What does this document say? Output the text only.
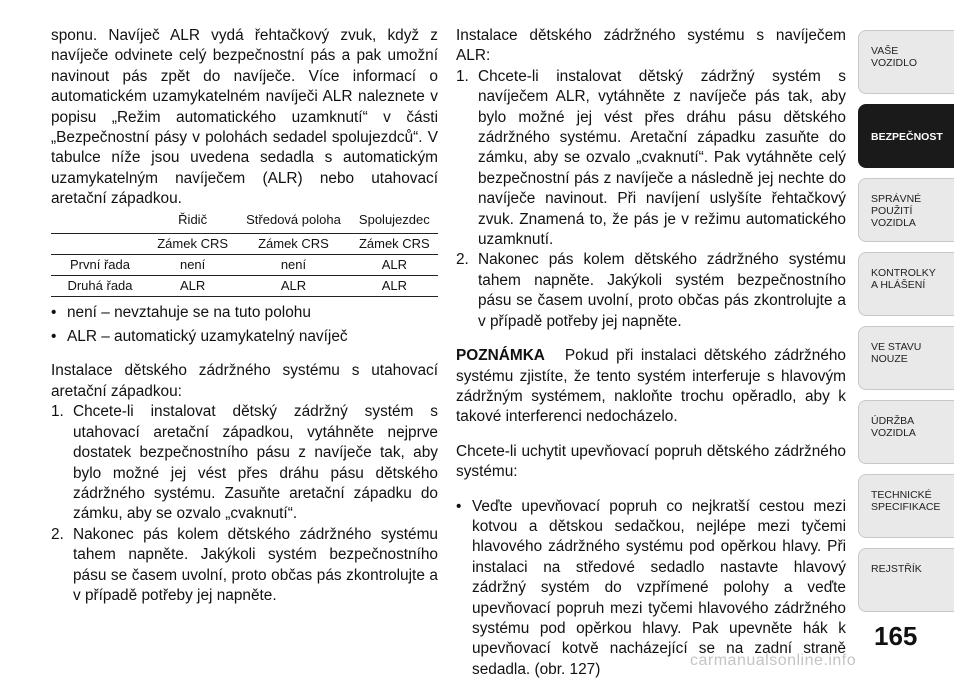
sponu. Navíječ ALR vydá řehtačkový zvuk, když z navíječe odvinete celý bezpečnostní pás a pak umožní navinout pás zpět do navíječe. Více informací o automatickém uzamykatelném navíječi ALR naleznete v popisu „Režim automatického uzamknutí“ v části „Bezpečnostní pásy v polohách sedadel spolujezdců“. V tabulce níže jsou uvedena sedadla s automatickým uzamykatelným navíječem (ALR) nebo utahovací aretační západkou.

	Řidič	Středová poloha	Spolujezdec
	Zámek CRS	Zámek CRS	Zámek CRS
První řada	není	není	ALR
Druhá řada	ALR	ALR	ALR
• není – nevztahuje se na tuto polohu
• ALR – automatický uzamykatelný navíječ

Instalace dětského zádržného systému s utahovací aretační západkou:

1. Chcete-li instalovat dětský zádržný systém s utahovací aretační západkou, vytáhněte nejprve dostatek bezpečnostního pásu z navíječe tak, aby bylo možné jej vést přes dráhu pásu dětského zádržného systému. Zasuňte aretační západku do zámku, aby se ozvalo „cvaknutí“.
2. Nakonec pás kolem dětského zádržného systému tahem napněte. Jakýkoli systém bezpečnostního pásu se časem uvolní, proto občas pás zkontrolujte a v případě potřeby jej napněte.

Instalace dětského zádržného systému s navíječem ALR:

1. Chcete-li instalovat dětský zádržný systém s navíječem ALR, vytáhněte z navíječe pás tak, aby bylo možné jej vést přes dráhu pásu dětského zádržného systému. Aretační západku zasuňte do zámku, aby se ozvalo „cvaknutí“. Pak vytáhněte celý bezpečnostní pás z navíječe a následně jej nechte do navíječe navinout. Při navíjení uslyšíte řehtačkový zvuk. Znamená to, že pás je v režimu automatického uzamknutí.
2. Nakonec pás kolem dětského zádržného systému tahem napněte. Jakýkoli systém bezpečnostního pásu se časem uvolní, proto občas pás zkontrolujte a v případě potřeby jej napněte.

POZNÁMKA Pokud při instalaci dětského zádržného systému zjistíte, že tento systém interferuje s hlavovým zádržným systémem, nakloňte trochu opěradlo, aby k takové interferenci nedocházelo.

Chcete-li uchytit upevňovací popruh dětského zádržného systému:

• Veďte upevňovací popruh co nejkratší cestou mezi kotvou a dětskou sedačkou, nejlépe mezi tyčemi hlavového zádržného systému pod opěrkou hlavy. Při instalaci na středové sedadlo nastavte hlavový zádržný systém do vzpřímené polohy a veďte upevňovací popruh mezi tyčemi hlavového zádržného systému pod opěrkou hlavy. Pak upevněte hák k upevňovací kotvě nacházející se na zadní straně sedadla. (obr. 127)
VAŠE
VOZIDLO
BEZPEČNOST
SPRÁVNÉ
POUŽITÍ
VOZIDLA
KONTROLKY
A HLÁŠENÍ
VE STAVU
NOUZE
ÚDRŽBA
VOZIDLA
TECHNICKÉ
SPECIFIKACE
REJSTŘÍK
165
carmanualsonline.info
